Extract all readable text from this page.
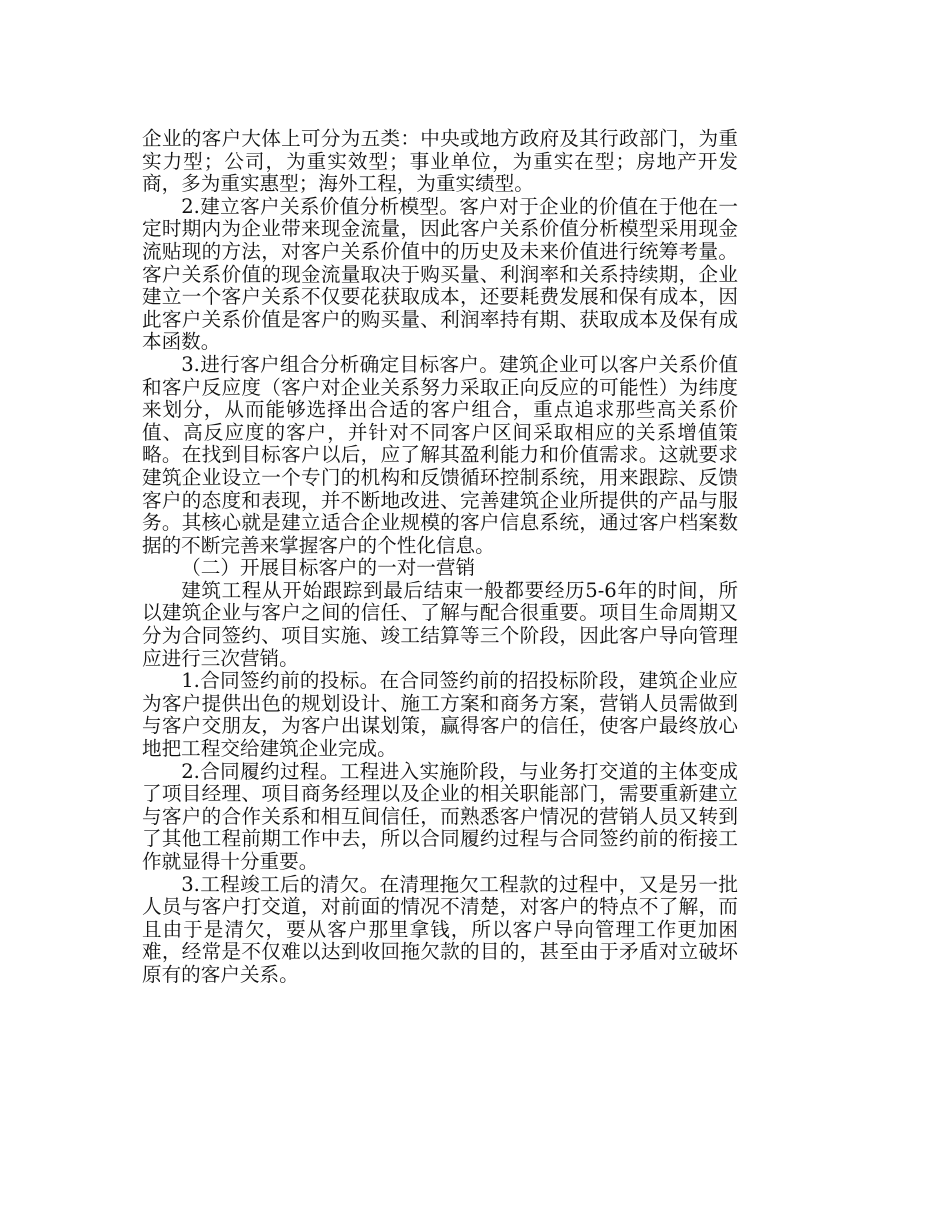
企业的客户大体上可分为五类：中央或地方政府及其行政部门，为重实力型；公司，为重实效型；事业单位，为重实在型；房地产开发商，多为重实惠型；海外工程，为重实绩型。

2.建立客户关系价值分析模型。客户对于企业的价值在于他在一定时期内为企业带来现金流量，因此客户关系价值分析模型采用现金流贴现的方法，对客户关系价值中的历史及未来价值进行统筹考量。客户关系价值的现金流量取决于购买量、利润率和关系持续期，企业建立一个客户关系不仅要花获取成本，还要耗费发展和保有成本，因此客户关系价值是客户的购买量、利润率持有期、获取成本及保有成本函数。

3.进行客户组合分析确定目标客户。建筑企业可以客户关系价值和客户反应度（客户对企业关系努力采取正向反应的可能性）为纬度来划分，从而能够选择出合适的客户组合，重点追求那些高关系价值、高反应度的客户，并针对不同客户区间采取相应的关系增值策略。在找到目标客户以后，应了解其盈利能力和价值需求。这就要求建筑企业设立一个专门的机构和反馈循环控制系统，用来跟踪、反馈客户的态度和表现，并不断地改进、完善建筑企业所提供的产品与服务。其核心就是建立适合企业规模的客户信息系统，通过客户档案数据的不断完善来掌握客户的个性化信息。

（二）开展目标客户的一对一营销

建筑工程从开始跟踪到最后结束一般都要经历5-6年的时间，所以建筑企业与客户之间的信任、了解与配合很重要。项目生命周期又分为合同签约、项目实施、竣工结算等三个阶段，因此客户导向管理应进行三次营销。

1.合同签约前的投标。在合同签约前的招投标阶段，建筑企业应为客户提供出色的规划设计、施工方案和商务方案，营销人员需做到与客户交朋友，为客户出谋划策，赢得客户的信任，使客户最终放心地把工程交给建筑企业完成。

2.合同履约过程。工程进入实施阶段，与业务打交道的主体变成了项目经理、项目商务经理以及企业的相关职能部门，需要重新建立与客户的合作关系和相互间信任，而熟悉客户情况的营销人员又转到了其他工程前期工作中去，所以合同履约过程与合同签约前的衔接工作就显得十分重要。

3.工程竣工后的清欠。在清理拖欠工程款的过程中，又是另一批人员与客户打交道，对前面的情况不清楚，对客户的特点不了解，而且由于是清欠，要从客户那里拿钱，所以客户导向管理工作更加困难，经常是不仅难以达到收回拖欠款的目的，甚至由于矛盾对立破坏原有的客户关系。
